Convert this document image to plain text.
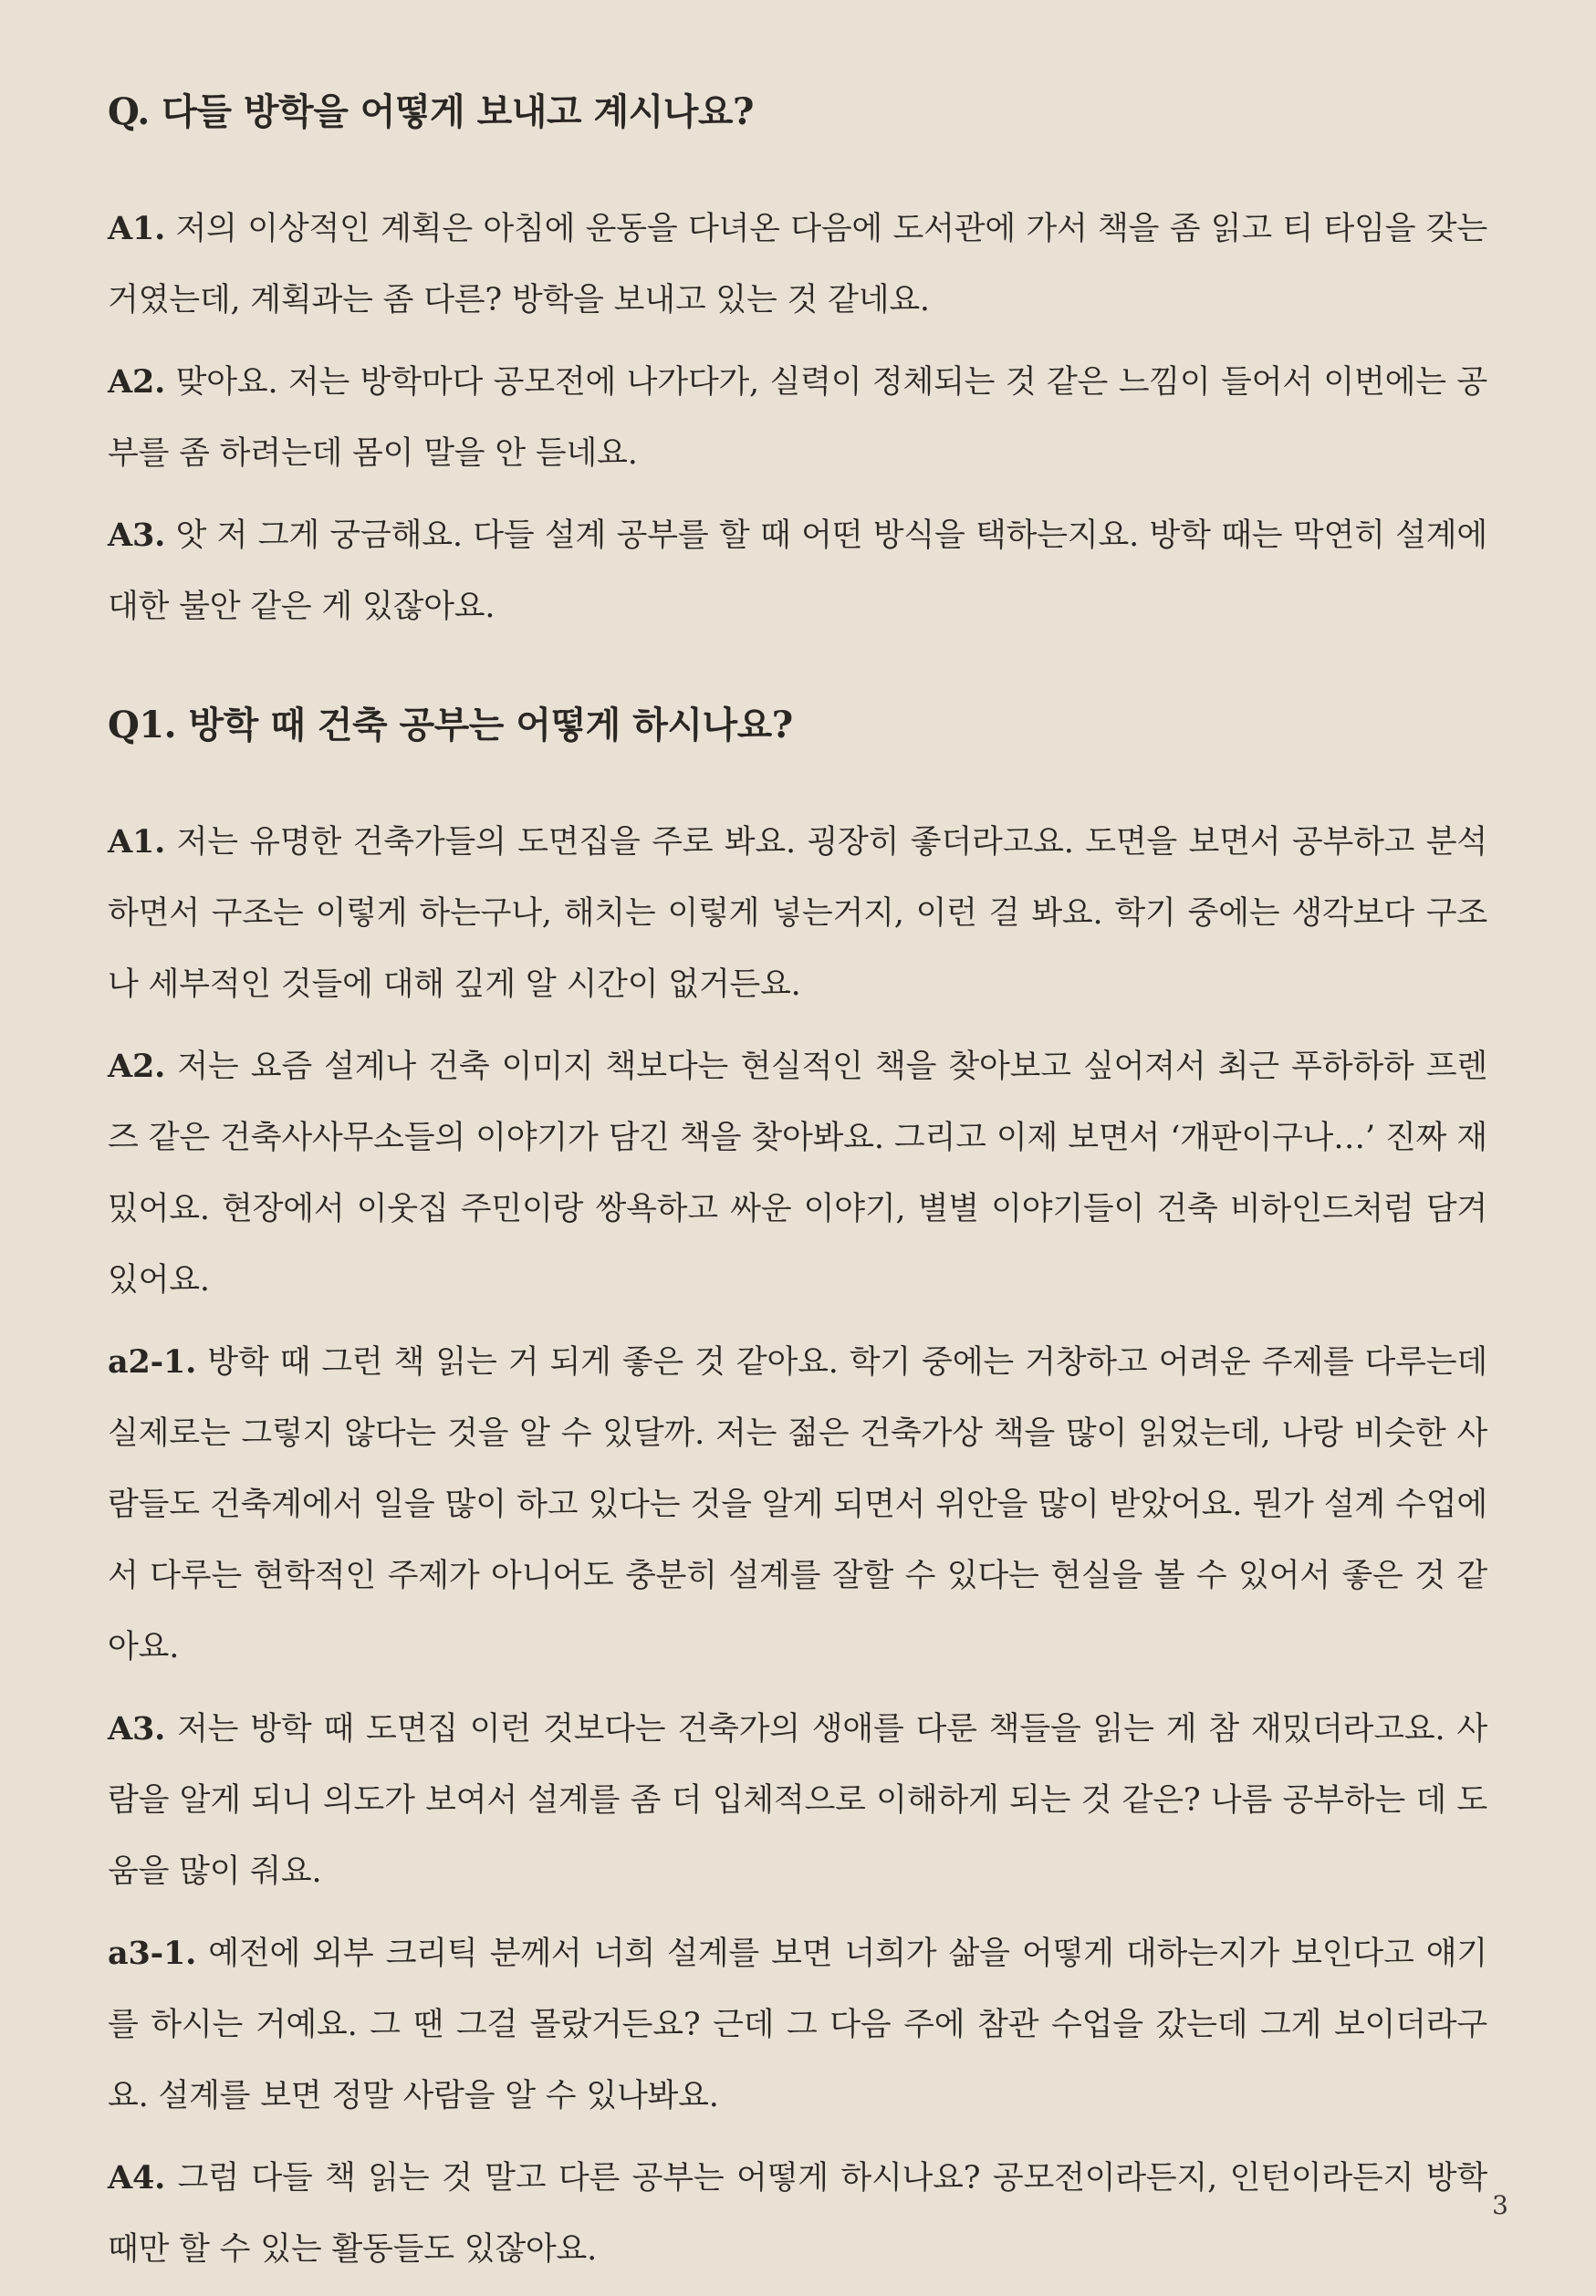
Q. 다들 방학을 어떻게 보내고 계시나요?

A1. 저의 이상적인 계획은 아침에 운동을 다녀온 다음에 도서관에 가서 책을 좀 읽고 티 타임을 갖는 거였는데, 계획과는 좀 다른? 방학을 보내고 있는 것 같네요.

A2. 맞아요. 저는 방학마다 공모전에 나가다가, 실력이 정체되는 것 같은 느낌이 들어서 이번에는 공부를 좀 하려는데 몸이 말을 안 듣네요.

A3. 앗 저 그게 궁금해요. 다들 설계 공부를 할 때 어떤 방식을 택하는지요. 방학 때는 막연히 설계에 대한 불안 같은 게 있잖아요.

Q1. 방학 때 건축 공부는 어떻게 하시나요?

A1. 저는 유명한 건축가들의 도면집을 주로 봐요. 굉장히 좋더라고요. 도면을 보면서 공부하고 분석하면서 구조는 이렇게 하는구나, 해치는 이렇게 넣는거지, 이런 걸 봐요. 학기 중에는 생각보다 구조나 세부적인 것들에 대해 깊게 알 시간이 없거든요.

A2. 저는 요즘 설계나 건축 이미지 책보다는 현실적인 책을 찾아보고 싶어져서 최근 푸하하하 프렌즈 같은 건축사사무소들의 이야기가 담긴 책을 찾아봐요. 그리고 이제 보면서 ‘개판이구나…’ 진짜 재밌어요. 현장에서 이웃집 주민이랑 쌍욕하고 싸운 이야기, 별별 이야기들이 건축 비하인드처럼 담겨있어요.

a2-1. 방학 때 그런 책 읽는 거 되게 좋은 것 같아요. 학기 중에는 거창하고 어려운 주제를 다루는데 실제로는 그렇지 않다는 것을 알 수 있달까. 저는 젊은 건축가상 책을 많이 읽었는데, 나랑 비슷한 사람들도 건축계에서 일을 많이 하고 있다는 것을 알게 되면서 위안을 많이 받았어요. 뭔가 설계 수업에서 다루는 현학적인 주제가 아니어도 충분히 설계를 잘할 수 있다는 현실을 볼 수 있어서 좋은 것 같아요.

A3. 저는 방학 때 도면집 이런 것보다는 건축가의 생애를 다룬 책들을 읽는 게 참 재밌더라고요. 사람을 알게 되니 의도가 보여서 설계를 좀 더 입체적으로 이해하게 되는 것 같은? 나름 공부하는 데 도움을 많이 줘요.

a3-1. 예전에 외부 크리틱 분께서 너희 설계를 보면 너희가 삶을 어떻게 대하는지가 보인다고 얘기를 하시는 거예요. 그 땐 그걸 몰랐거든요? 근데 그 다음 주에 참관 수업을 갔는데 그게 보이더라구요. 설계를 보면 정말 사람을 알 수 있나봐요.

A4. 그럼 다들 책 읽는 것 말고 다른 공부는 어떻게 하시나요? 공모전이라든지, 인턴이라든지 방학 때만 할 수 있는 활동들도 있잖아요.

3
